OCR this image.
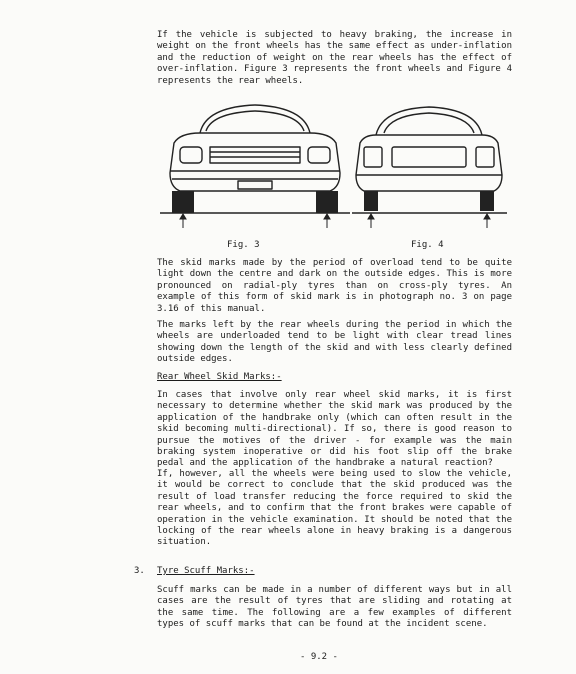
If the vehicle is subjected to heavy braking, the increase in weight on the front wheels has the same effect as under-inflation and the reduction of weight on the rear wheels has the effect of over-inflation. Figure 3 represents the front wheels and Figure 4 represents the rear wheels.
Fig. 3	Fig. 4
The skid marks made by the period of overload tend to be quite light down the centre and dark on the outside edges. This is more pronounced on radial-ply tyres than on cross-ply tyres. An example of this form of skid mark is in photograph no. 3 on page 3.16 of this manual.
The marks left by the rear wheels during the period in which the wheels are underloaded tend to be light with clear tread lines showing down the length of the skid and with less clearly defined outside edges.
Rear Wheel Skid Marks:-
In cases that involve only rear wheel skid marks, it is first necessary to determine whether the skid mark was produced by the application of the handbrake only (which can often result in the skid becoming multi-directional). If so, there is good reason to pursue the motives of the driver - for example was the main braking system inoperative or did his foot slip off the brake pedal and the application of the handbrake a natural reaction?
If, however, all the wheels were being used to slow the vehicle, it would be correct to conclude that the skid produced was the result of load transfer reducing the force required to skid the rear wheels, and to confirm that the front brakes were capable of operation in the vehicle examination. It should be noted that the locking of the rear wheels alone in heavy braking is a dangerous situation.
3. Tyre Scuff Marks:-
Scuff marks can be made in a number of different ways but in all cases are the result of tyres that are sliding and rotating at the same time. The following are a few examples of different types of scuff marks that can be found at the incident scene.
- 9.2 -
